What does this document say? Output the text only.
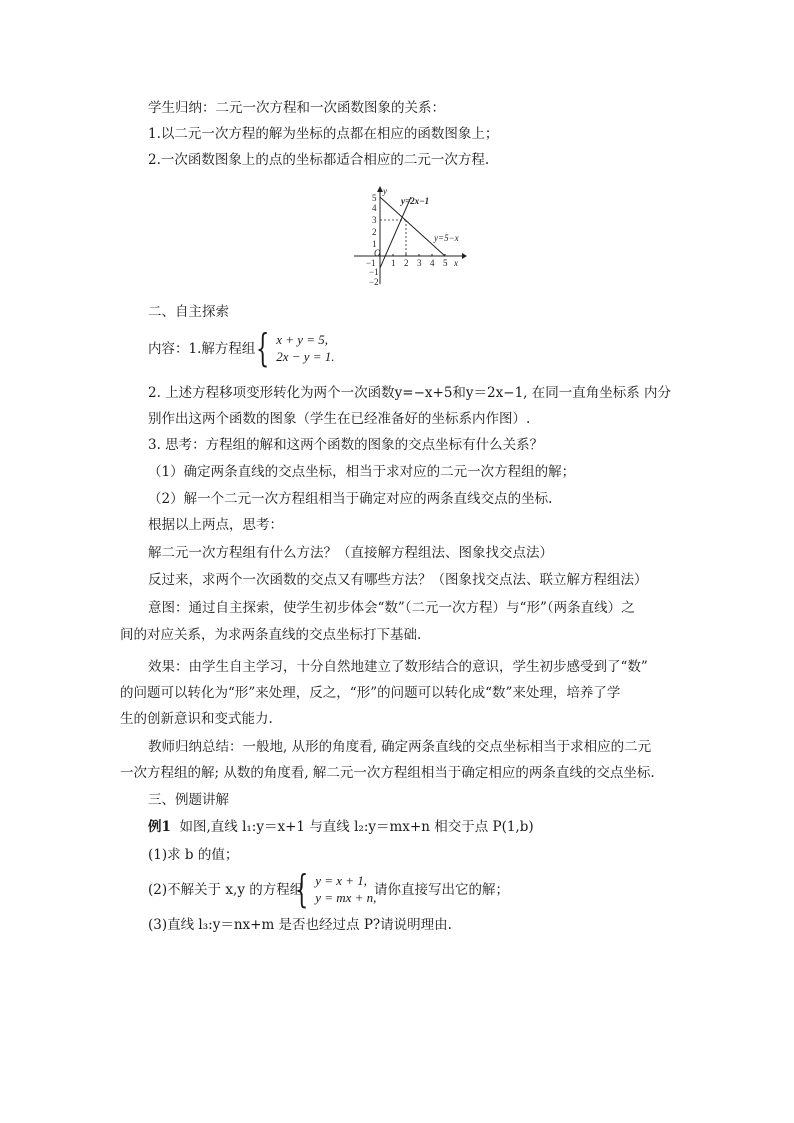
学生归纳：二元一次方程和一次函数图象的关系：
1.以二元一次方程的解为坐标的点都在相应的函数图象上；
2.一次函数图象上的点的坐标都适合相应的二元一次方程.
−1 1 2 3 4 5
5
4
3
2
1
−1
−2
O
y
x
y=2x−1
y=5−x
二、自主探索
内容：1.解方程组 { x + y = 5,
2x − y = 1.
2. 上述方程移项变形转化为两个一次函数y=−x+5和y＝2x−1, 在同一直角坐标系 内分
别作出这两个函数的图象（学生在已经准备好的坐标系内作图）.
3. 思考：方程组的解和这两个函数的图象的交点坐标有什么关系？
（1）确定两条直线的交点坐标，相当于求对应的二元一次方程组的解；
（2）解一个二元一次方程组相当于确定对应的两条直线交点的坐标.
根据以上两点，思考：
解二元一次方程组有什么方法？（直接解方程组法、图象找交点法）
反过来，求两个一次函数的交点又有哪些方法？（图象找交点法、联立解方程组法）
意图：通过自主探索，使学生初步体会“数”（二元一次方程）与“形”（两条直线）之
间的对应关系，为求两条直线的交点坐标打下基础.
效果：由学生自主学习，十分自然地建立了数形结合的意识，学生初步感受到了“数”
的问题可以转化为“形”来处理，反之，“形”的问题可以转化成“数”来处理，培养了学
生的创新意识和变式能力.
教师归纳总结：一般地, 从形的角度看, 确定两条直线的交点坐标相当于求相应的二元
一次方程组的解; 从数的角度看, 解二元一次方程组相当于确定相应的两条直线的交点坐标.
三、例题讲解
例1 如图,直线 l₁:y＝x+1 与直线 l₂:y＝mx+n 相交于点 P(1,b)
(1)求 b 的值；
(2)不解关于 x,y 的方程组
{ y = x + 1,
y = mx + n,
请你直接写出它的解；
(3)直线 l₃:y＝nx+m 是否也经过点 P?请说明理由.
